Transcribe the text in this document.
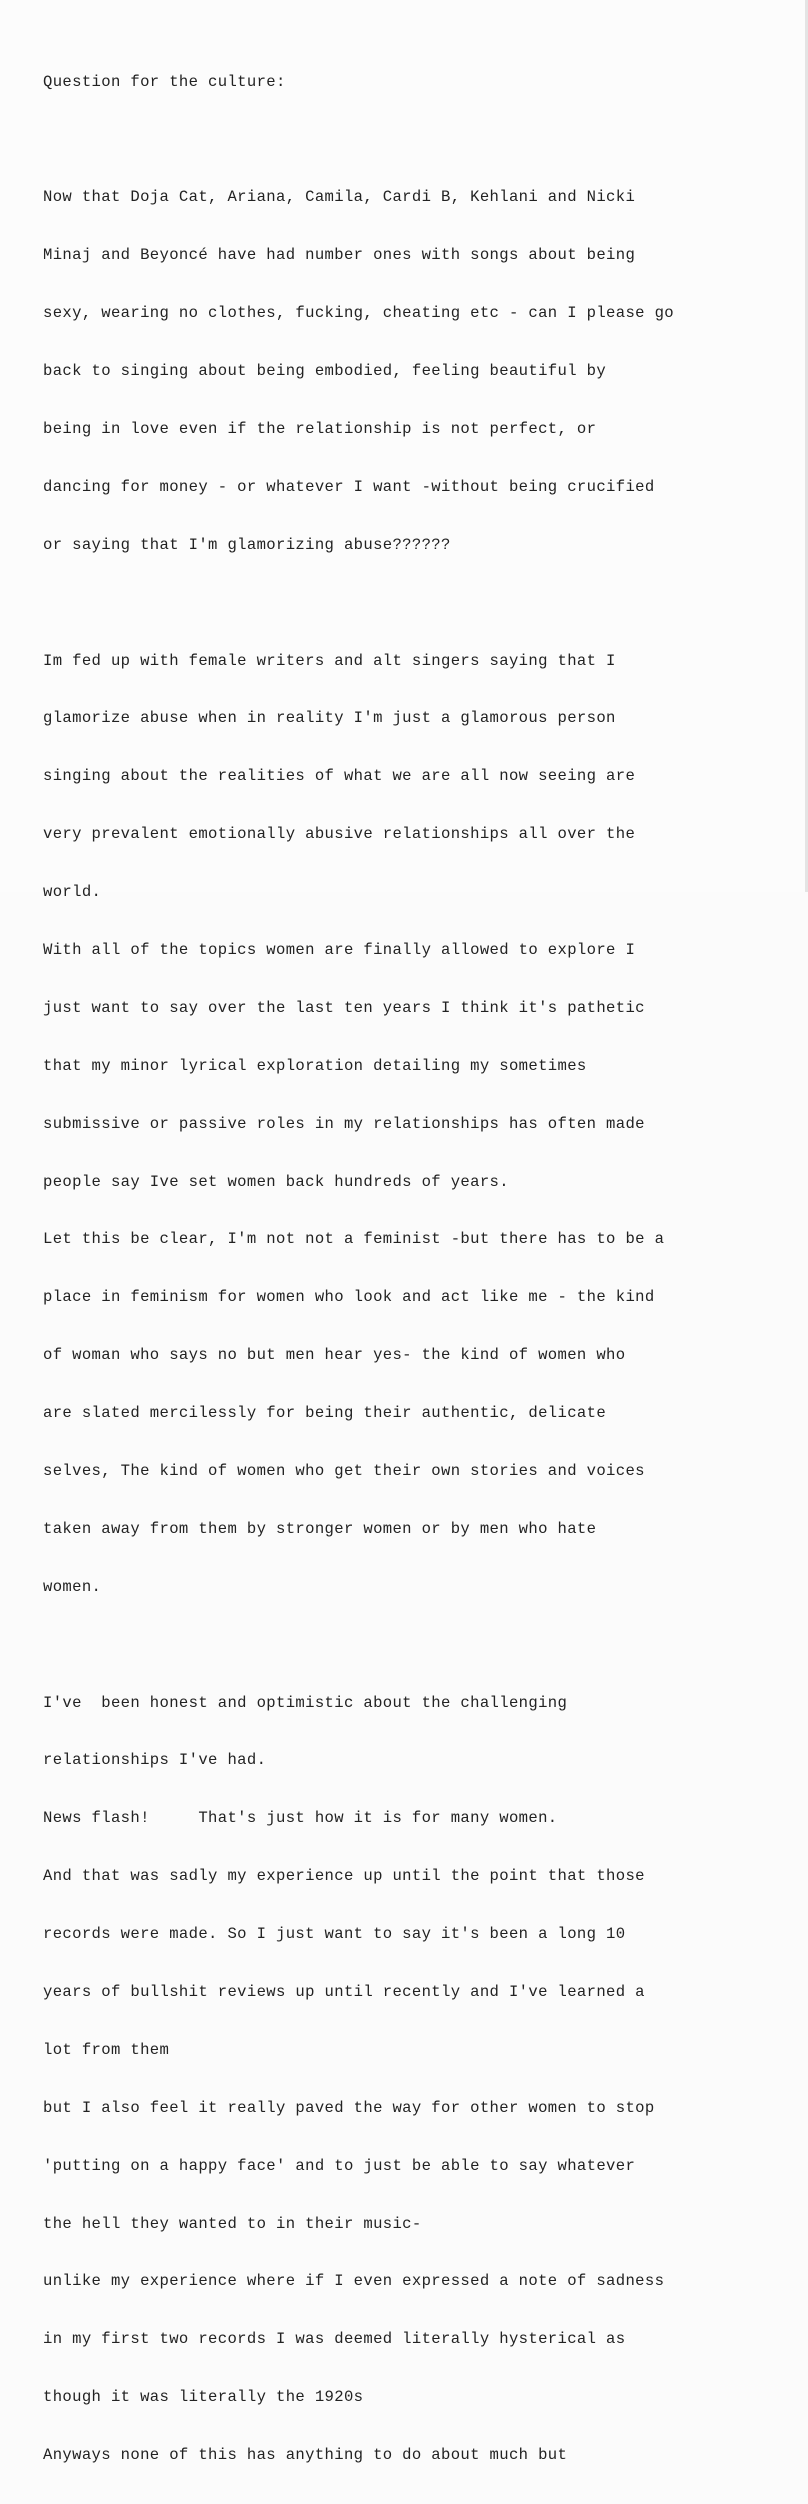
Question for the culture:

Now that Doja Cat, Ariana, Camila, Cardi B, Kehlani and Nicki

Minaj and Beyoncé have had number ones with songs about being

sexy, wearing no clothes, fucking, cheating etc - can I please go

back to singing about being embodied, feeling beautiful by

being in love even if the relationship is not perfect, or

dancing for money - or whatever I want -without being crucified

or saying that I'm glamorizing abuse??????

Im fed up with female writers and alt singers saying that I

glamorize abuse when in reality I'm just a glamorous person

singing about the realities of what we are all now seeing are

very prevalent emotionally abusive relationships all over the

world.

With all of the topics women are finally allowed to explore I

just want to say over the last ten years I think it's pathetic

that my minor lyrical exploration detailing my sometimes

submissive or passive roles in my relationships has often made

people say Ive set women back hundreds of years.

Let this be clear, I'm not not a feminist -but there has to be a

place in feminism for women who look and act like me - the kind

of woman who says no but men hear yes- the kind of women who

are slated mercilessly for being their authentic, delicate

selves, The kind of women who get their own stories and voices

taken away from them by stronger women or by men who hate

women.

I've  been honest and optimistic about the challenging

relationships I've had.

News flash!     That's just how it is for many women.

And that was sadly my experience up until the point that those

records were made. So I just want to say it's been a long 10

years of bullshit reviews up until recently and I've learned a

lot from them

but I also feel it really paved the way for other women to stop

'putting on a happy face' and to just be able to say whatever

the hell they wanted to in their music-

unlike my experience where if I even expressed a note of sadness

in my first two records I was deemed literally hysterical as

though it was literally the 1920s

Anyways none of this has anything to do about much but
